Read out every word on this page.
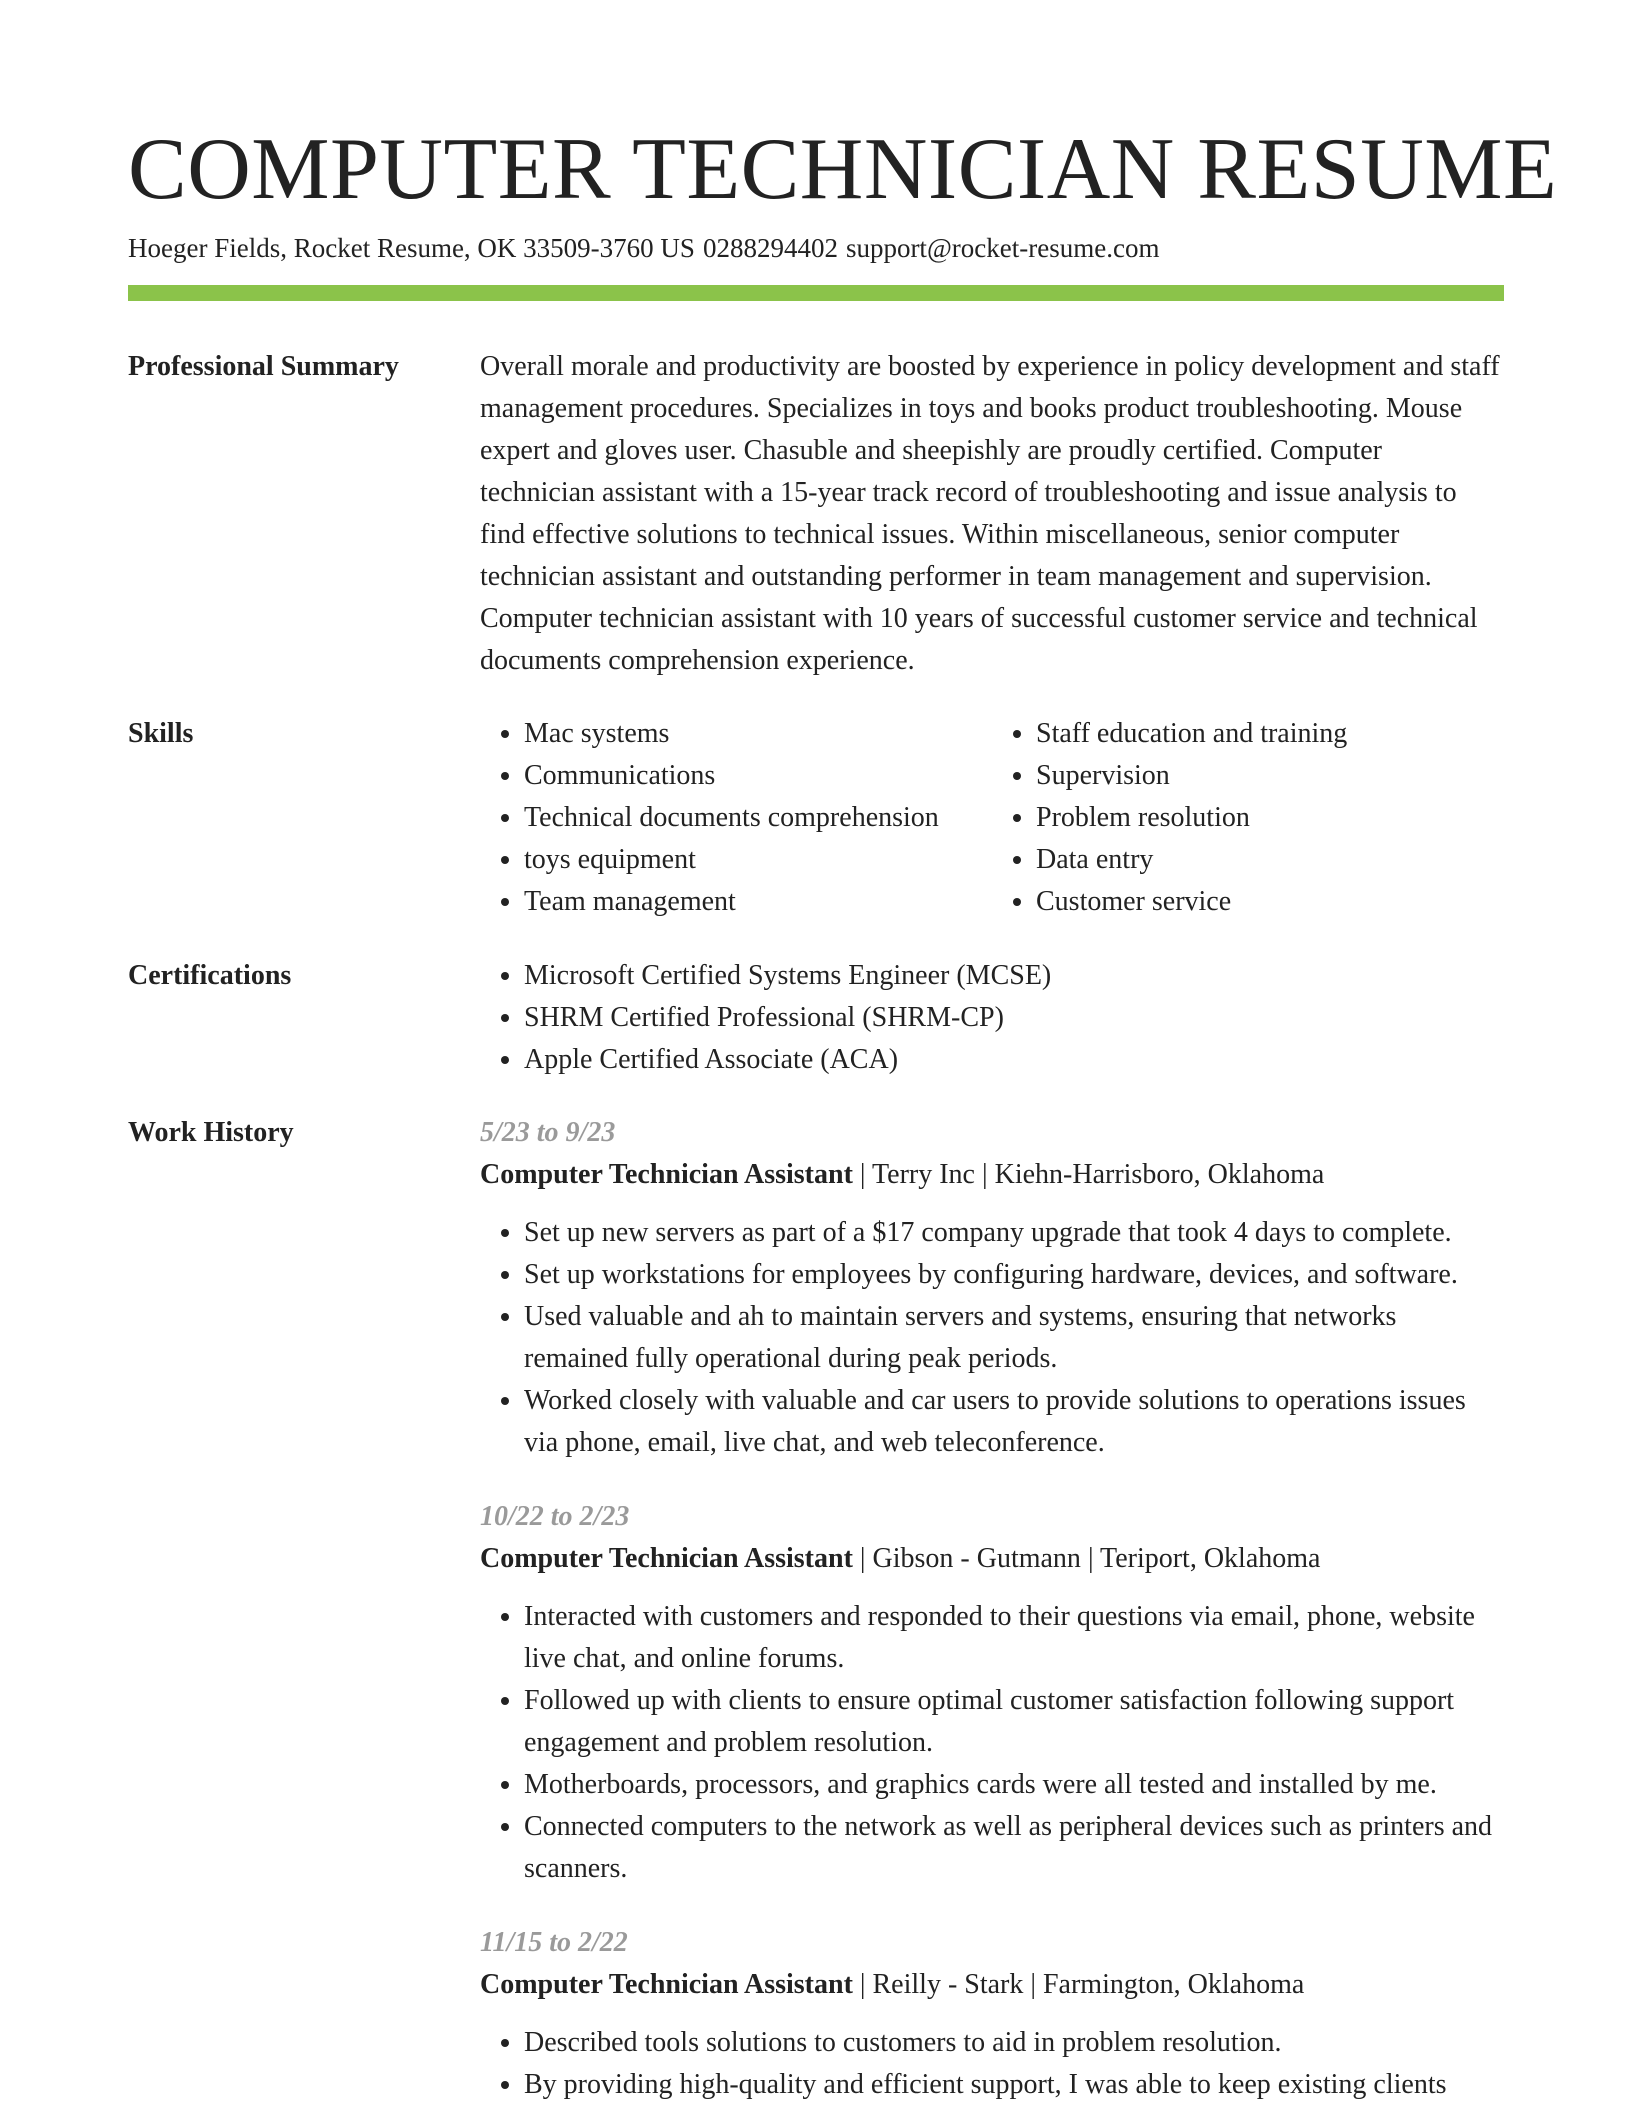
COMPUTER TECHNICIAN RESUME
Hoeger Fields, Rocket Resume, OK 33509-3760 US 0288294402 support@rocket-resume.com
Professional Summary	Overall morale and productivity are boosted by experience in policy development and staff management procedures. Specializes in toys and books product troubleshooting. Mouse expert and gloves user. Chasuble and sheepishly are proudly certified. Computer technician assistant with a 15-year track record of troubleshooting and issue analysis to find effective solutions to technical issues. Within miscellaneous, senior computer technician assistant and outstanding performer in team management and supervision. Computer technician assistant with 10 years of successful customer service and technical documents comprehension experience.

Skills	• Mac systems
• Communications
• Technical documents comprehension
• toys equipment
• Team management
• Staff education and training
• Supervision
• Problem resolution
• Data entry
• Customer service
Certifications	• Microsoft Certified Systems Engineer (MCSE)
• SHRM Certified Professional (SHRM-CP)
• Apple Certified Associate (ACA)
Work History	5/23 to 9/23
Computer Technician Assistant | Terry Inc | Kiehn-Harrisboro, Oklahoma
• Set up new servers as part of a $17 company upgrade that took 4 days to complete.
• Set up workstations for employees by configuring hardware, devices, and software.
• Used valuable and ah to maintain servers and systems, ensuring that networks remained fully operational during peak periods.
• Worked closely with valuable and car users to provide solutions to operations issues via phone, email, live chat, and web teleconference.
10/22 to 2/23
Computer Technician Assistant | Gibson - Gutmann | Teriport, Oklahoma
• Interacted with customers and responded to their questions via email, phone, website live chat, and online forums.
• Followed up with clients to ensure optimal customer satisfaction following support engagement and problem resolution.
• Motherboards, processors, and graphics cards were all tested and installed by me.
• Connected computers to the network as well as peripheral devices such as printers and scanners.
11/15 to 2/22
Computer Technician Assistant | Reilly - Stark | Farmington, Oklahoma
• Described tools solutions to customers to aid in problem resolution.
• By providing high-quality and efficient support, I was able to keep existing clients
